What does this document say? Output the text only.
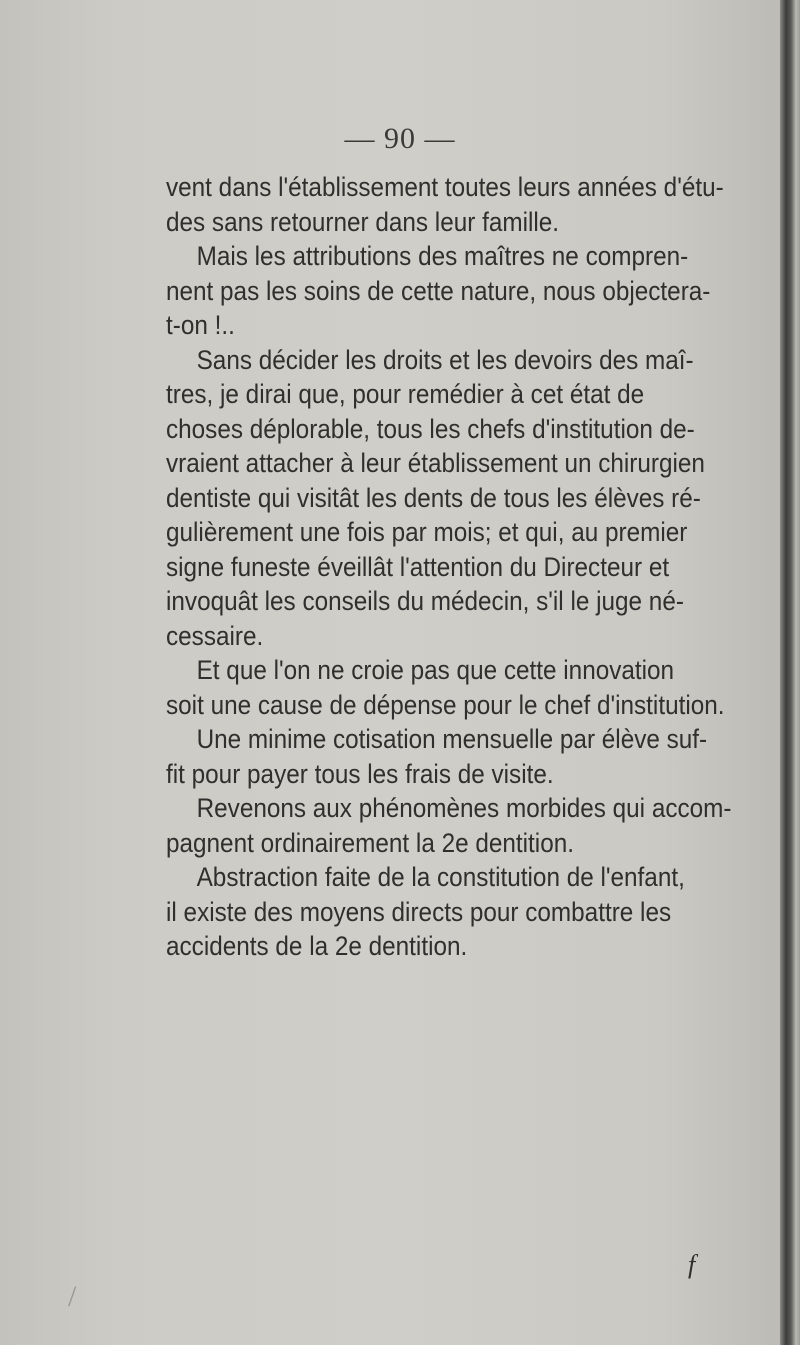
— 90 —
vent dans l'établissement toutes leurs années d'étu-
des sans retourner dans leur famille.
Mais les attributions des maîtres ne compren-
nent pas les soins de cette nature, nous objectera-
t-on !..
Sans décider les droits et les devoirs des maî-
tres, je dirai que, pour remédier à cet état de
choses déplorable, tous les chefs d'institution de-
vraient attacher à leur établissement un chirurgien
dentiste qui visitât les dents de tous les élèves ré-
gulièrement une fois par mois; et qui, au premier
signe funeste éveillât l'attention du Directeur et
invoquât les conseils du médecin, s'il le juge né-
cessaire.
Et que l'on ne croie pas que cette innovation
soit une cause de dépense pour le chef d'institution.
Une minime cotisation mensuelle par élève suf-
fit pour payer tous les frais de visite.
Revenons aux phénomènes morbides qui accom-
pagnent ordinairement la 2e dentition.
Abstraction faite de la constitution de l'enfant,
il existe des moyens directs pour combattre les
accidents de la 2e dentition.
f
/
